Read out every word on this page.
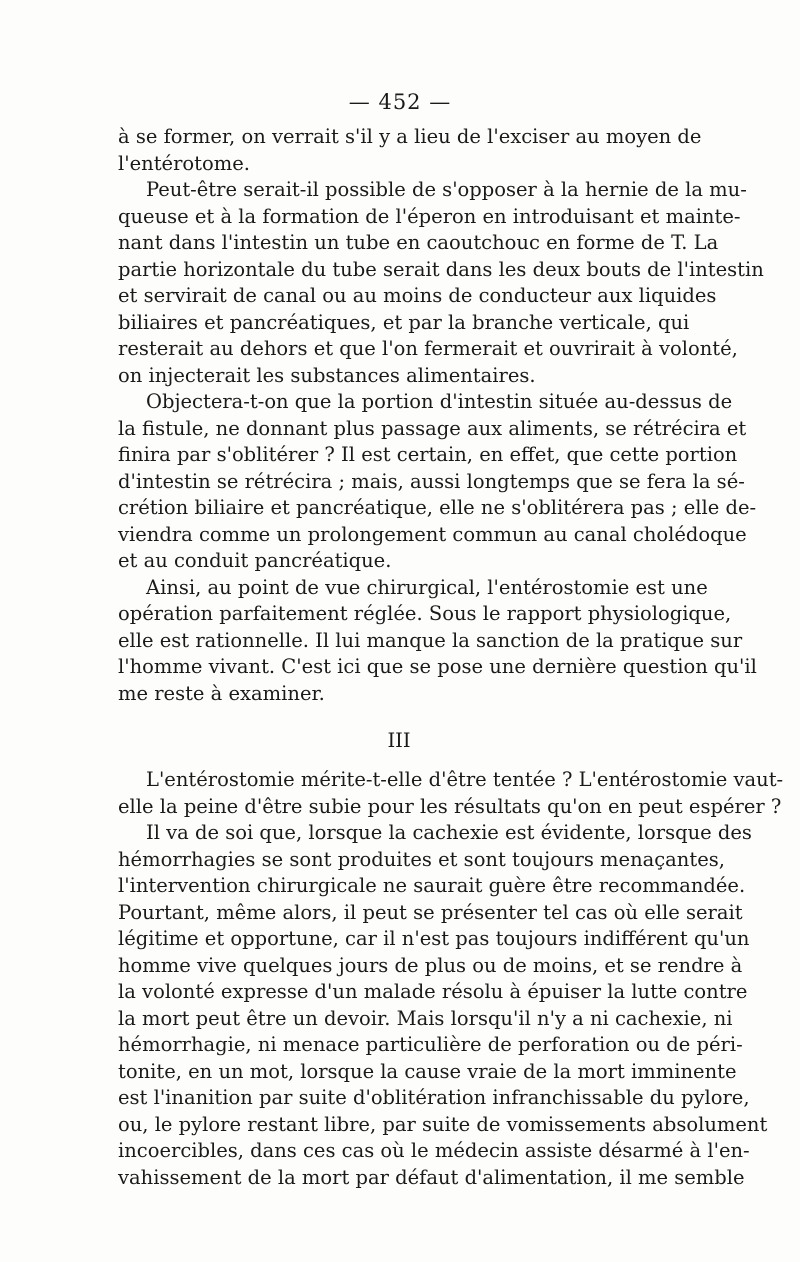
— 452 —
à se former, on verrait s'il y a lieu de l'exciser au moyen de
l'entérotome.
Peut-être serait-il possible de s'opposer à la hernie de la mu-
queuse et à la formation de l'éperon en introduisant et mainte-
nant dans l'intestin un tube en caoutchouc en forme de T. La
partie horizontale du tube serait dans les deux bouts de l'intestin
et servirait de canal ou au moins de conducteur aux liquides
biliaires et pancréatiques, et par la branche verticale, qui
resterait au dehors et que l'on fermerait et ouvrirait à volonté,
on injecterait les substances alimentaires.
Objectera-t-on que la portion d'intestin située au-dessus de
la fistule, ne donnant plus passage aux aliments, se rétrécira et
finira par s'oblitérer ? Il est certain, en effet, que cette portion
d'intestin se rétrécira ; mais, aussi longtemps que se fera la sé-
crétion biliaire et pancréatique, elle ne s'oblitérera pas ; elle de-
viendra comme un prolongement commun au canal cholédoque
et au conduit pancréatique.
Ainsi, au point de vue chirurgical, l'entérostomie est une
opération parfaitement réglée. Sous le rapport physiologique,
elle est rationnelle. Il lui manque la sanction de la pratique sur
l'homme vivant. C'est ici que se pose une dernière question qu'il
me reste à examiner.
III
L'entérostomie mérite-t-elle d'être tentée ? L'entérostomie vaut-
elle la peine d'être subie pour les résultats qu'on en peut espérer ?
Il va de soi que, lorsque la cachexie est évidente, lorsque des
hémorrhagies se sont produites et sont toujours menaçantes,
l'intervention chirurgicale ne saurait guère être recommandée.
Pourtant, même alors, il peut se présenter tel cas où elle serait
légitime et opportune, car il n'est pas toujours indifférent qu'un
homme vive quelques jours de plus ou de moins, et se rendre à
la volonté expresse d'un malade résolu à épuiser la lutte contre
la mort peut être un devoir. Mais lorsqu'il n'y a ni cachexie, ni
hémorrhagie, ni menace particulière de perforation ou de péri-
tonite, en un mot, lorsque la cause vraie de la mort imminente
est l'inanition par suite d'oblitération infranchissable du pylore,
ou, le pylore restant libre, par suite de vomissements absolument
incoercibles, dans ces cas où le médecin assiste désarmé à l'en-
vahissement de la mort par défaut d'alimentation, il me semble
